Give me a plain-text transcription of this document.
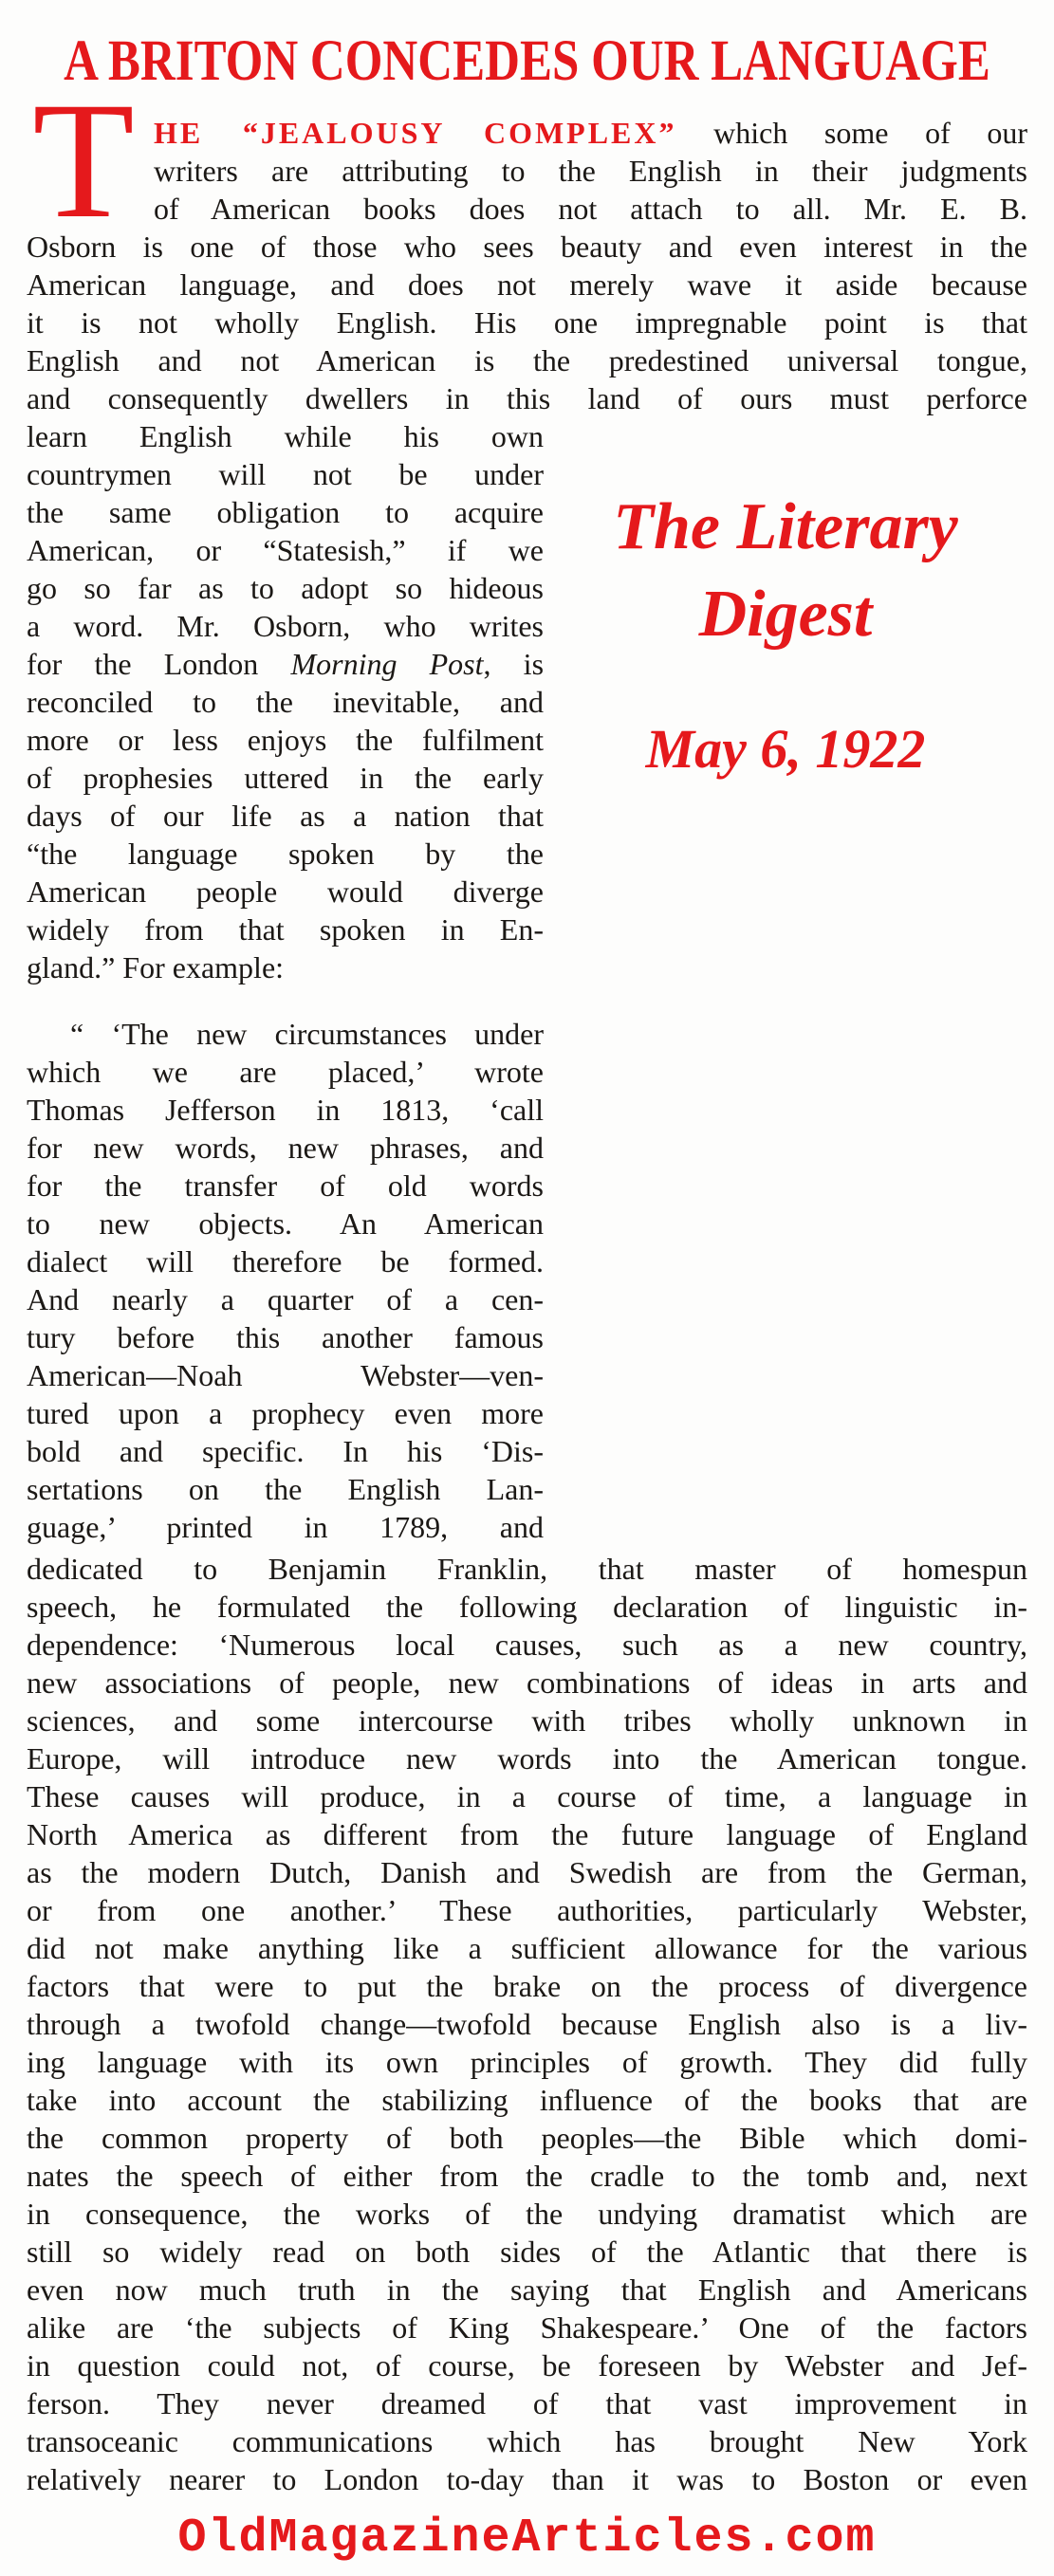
A BRITON CONCEDES OUR LANGUAGE
T HE “JEALOUSY COMPLEX” which some of our
writers are attributing to the English in their judgments
of American books does not attach to all. Mr. E. B.
Osborn is one of those who sees beauty and even interest in the
American language, and does not merely wave it aside because
it is not wholly English. His one impregnable point is that
English and not American is the predestined universal tongue,
and consequently dwellers in this land of ours must perforce
learn English while his own
countrymen will not be under
the same obligation to acquire
American, or “Statesish,” if we
go so far as to adopt so hideous
a word. Mr. Osborn, who writes
for the London Morning Post, is
reconciled to the inevitable, and
more or less enjoys the fulfilment
of prophesies uttered in the early
days of our life as a nation that
“the language spoken by the
American people would diverge
widely from that spoken in En-
gland.” For example:
“ ‘The new circumstances under
which we are placed,’ wrote
Thomas Jefferson in 1813, ‘call
for new words, new phrases, and
for the transfer of old words
to new objects. An American
dialect will therefore be formed.
And nearly a quarter of a cen-
tury before this another famous
American—Noah Webster—ven-
tured upon a prophecy even more
bold and specific. In his ‘Dis-
sertations on the English Lan-
guage,’ printed in 1789, and
The Literary
Digest
May 6, 1922
dedicated to Benjamin Franklin, that master of homespun
speech, he formulated the following declaration of linguistic in-
dependence: ‘Numerous local causes, such as a new country,
new associations of people, new combinations of ideas in arts and
sciences, and some intercourse with tribes wholly unknown in
Europe, will introduce new words into the American tongue.
These causes will produce, in a course of time, a language in
North America as different from the future language of England
as the modern Dutch, Danish and Swedish are from the German,
or from one another.’ These authorities, particularly Webster,
did not make anything like a sufficient allowance for the various
factors that were to put the brake on the process of divergence
through a twofold change—twofold because English also is a liv-
ing language with its own principles of growth. They did fully
take into account the stabilizing influence of the books that are
the common property of both peoples—the Bible which domi-
nates the speech of either from the cradle to the tomb and, next
in consequence, the works of the undying dramatist which are
still so widely read on both sides of the Atlantic that there is
even now much truth in the saying that English and Americans
alike are ‘the subjects of King Shakespeare.’ One of the factors
in question could not, of course, be foreseen by Webster and Jef-
ferson. They never dreamed of that vast improvement in
transoceanic communications which has brought New York
relatively nearer to London to-day than it was to Boston or even
OldMagazineArticles.com
